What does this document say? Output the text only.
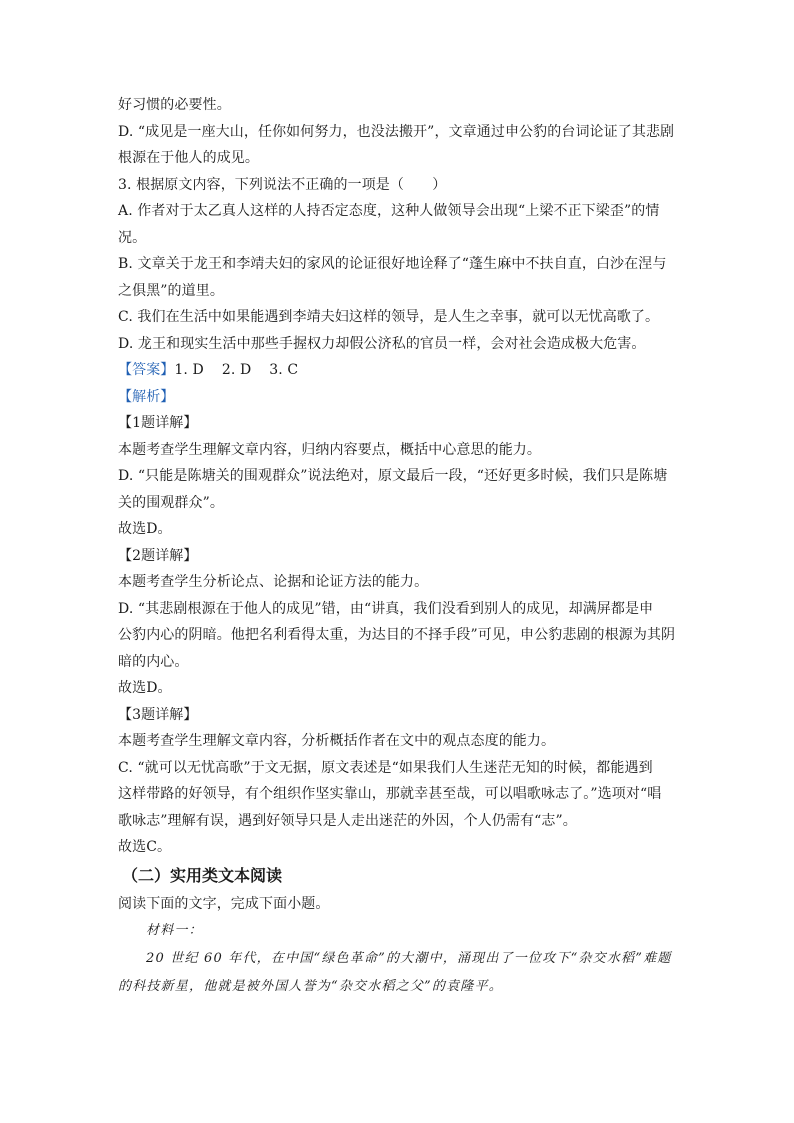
好习惯的必要性。
D. “成见是一座大山，任你如何努力，也没法搬开”，文章通过申公豹的台词论证了其悲剧
根源在于他人的成见。
3. 根据原文内容，下列说法不正确的一项是（　　）
A. 作者对于太乙真人这样的人持否定态度，这种人做领导会出现“上梁不正下梁歪”的情
况。
B. 文章关于龙王和李靖夫妇的家风的论证很好地诠释了“蓬生麻中不扶自直，白沙在涅与
之俱黑”的道里。
C. 我们在生活中如果能遇到李靖夫妇这样的领导，是人生之幸事，就可以无忧高歌了。
D. 龙王和现实生活中那些手握权力却假公济私的官员一样，会对社会造成极大危害。
【答案】1. D 2. D 3. C
【解析】
【1题详解】
本题考查学生理解文章内容，归纳内容要点，概括中心意思的能力。
D. “只能是陈塘关的围观群众”说法绝对，原文最后一段，“还好更多时候，我们只是陈塘
关的围观群众”。
故选D。
【2题详解】
本题考查学生分析论点、论据和论证方法的能力。
D. “其悲剧根源在于他人的成见”错，由“讲真，我们没看到别人的成见，却满屏都是申
公豹内心的阴暗。他把名利看得太重，为达目的不择手段”可见，申公豹悲剧的根源为其阴
暗的内心。
故选D。
【3题详解】
本题考查学生理解文章内容，分析概括作者在文中的观点态度的能力。
C. “就可以无忧高歌”于文无据，原文表述是“如果我们人生迷茫无知的时候，都能遇到
这样带路的好领导，有个组织作坚实靠山，那就幸甚至哉，可以唱歌咏志了。”选项对“唱
歌咏志”理解有误，遇到好领导只是人走出迷茫的外因，个人仍需有“志”。
故选C。
（二）实用类文本阅读
阅读下面的文字，完成下面小题。
材料一：
20 世纪 60 年代，在中国“绿色革命”的大潮中，涌现出了一位攻下“杂交水稻”难题
的科技新星，他就是被外国人誉为“杂交水稻之父”的袁隆平。
